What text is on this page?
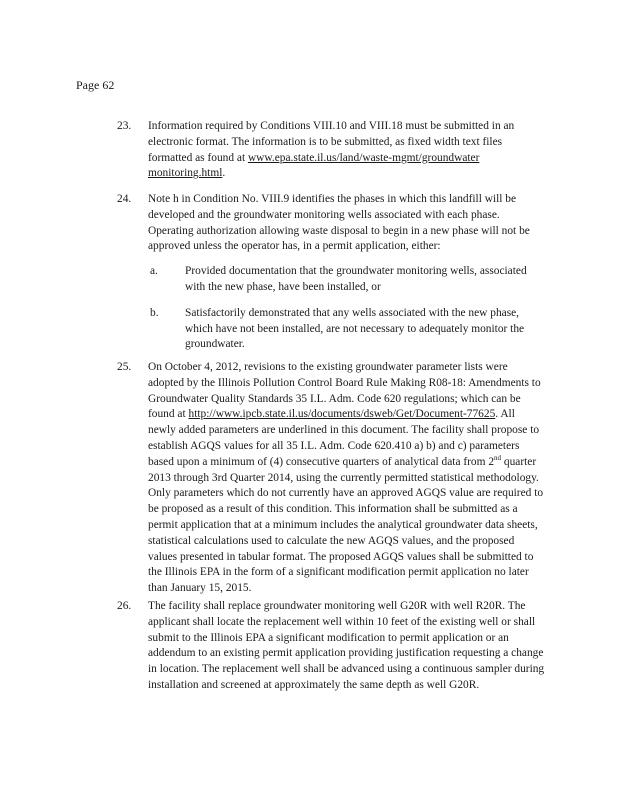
Page 62
23. Information required by Conditions VIII.10 and VIII.18 must be submitted in an electronic format. The information is to be submitted, as fixed width text files formatted as found at www.epa.state.il.us/land/waste-mgmt/groundwater monitoring.html.
24. Note h in Condition No. VIII.9 identifies the phases in which this landfill will be developed and the groundwater monitoring wells associated with each phase. Operating authorization allowing waste disposal to begin in a new phase will not be approved unless the operator has, in a permit application, either:
a. Provided documentation that the groundwater monitoring wells, associated with the new phase, have been installed, or
b. Satisfactorily demonstrated that any wells associated with the new phase, which have not been installed, are not necessary to adequately monitor the groundwater.
25. On October 4, 2012, revisions to the existing groundwater parameter lists were adopted by the Illinois Pollution Control Board Rule Making R08-18: Amendments to Groundwater Quality Standards 35 I.L. Adm. Code 620 regulations; which can be found at http://www.ipcb.state.il.us/documents/dsweb/Get/Document-77625. All newly added parameters are underlined in this document. The facility shall propose to establish AGQS values for all 35 I.L. Adm. Code 620.410 a) b) and c) parameters based upon a minimum of (4) consecutive quarters of analytical data from 2nd quarter 2013 through 3rd Quarter 2014, using the currently permitted statistical methodology. Only parameters which do not currently have an approved AGQS value are required to be proposed as a result of this condition. This information shall be submitted as a permit application that at a minimum includes the analytical groundwater data sheets, statistical calculations used to calculate the new AGQS values, and the proposed values presented in tabular format. The proposed AGQS values shall be submitted to the Illinois EPA in the form of a significant modification permit application no later than January 15, 2015.
26. The facility shall replace groundwater monitoring well G20R with well R20R. The applicant shall locate the replacement well within 10 feet of the existing well or shall submit to the Illinois EPA a significant modification to permit application or an addendum to an existing permit application providing justification requesting a change in location. The replacement well shall be advanced using a continuous sampler during installation and screened at approximately the same depth as well G20R.
